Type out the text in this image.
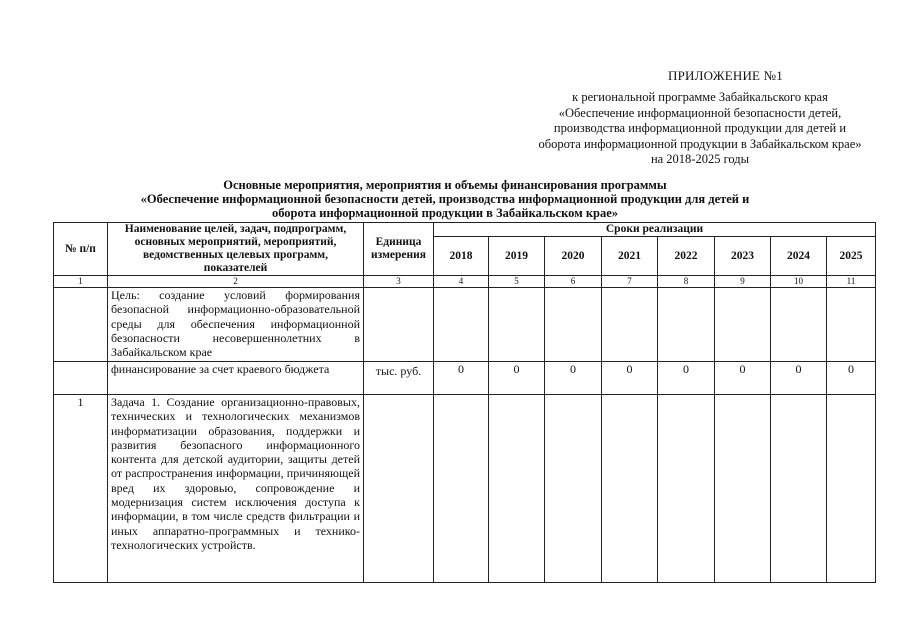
ПРИЛОЖЕНИЕ №1
к региональной программе Забайкальского края
«Обеспечение информационной безопасности детей,
производства информационной продукции для детей и
оборота информационной продукции в Забайкальском крае»
на 2018-2025 годы
Основные мероприятия, мероприятия и объемы финансирования программы
«Обеспечение информационной безопасности детей, производства информационной продукции для детей и
оборота информационной продукции в Забайкальском крае»
№ п/п	Наименование целей, задач, подпрограмм, основных мероприятий, мероприятий, ведомственных целевых программ, показателей	Единица измерения	Сроки реализации							
			2018	2019	2020	2021	2022	2023	2024	2025
1	2	3	4	5	6	7	8	9	10	11
	Цель: создание условий формирования безопасной информационно-образовательной среды для обеспечения информационной безопасности несовершеннолетних в Забайкальском крае									
	финансирование за счет краевого бюджета	тыс. руб.	0	0	0	0	0	0	0	0
1	Задача 1. Создание организационно-правовых, технических и технологических механизмов информатизации образования, поддержки и развития безопасного информационного контента для детской аудитории, защиты детей от распространения информации, причиняющей вред их здоровью, сопровождение и модернизация систем исключения доступа к информации, в том числе средств фильтрации и иных аппаратно-программных и технико-технологических устройств.									
